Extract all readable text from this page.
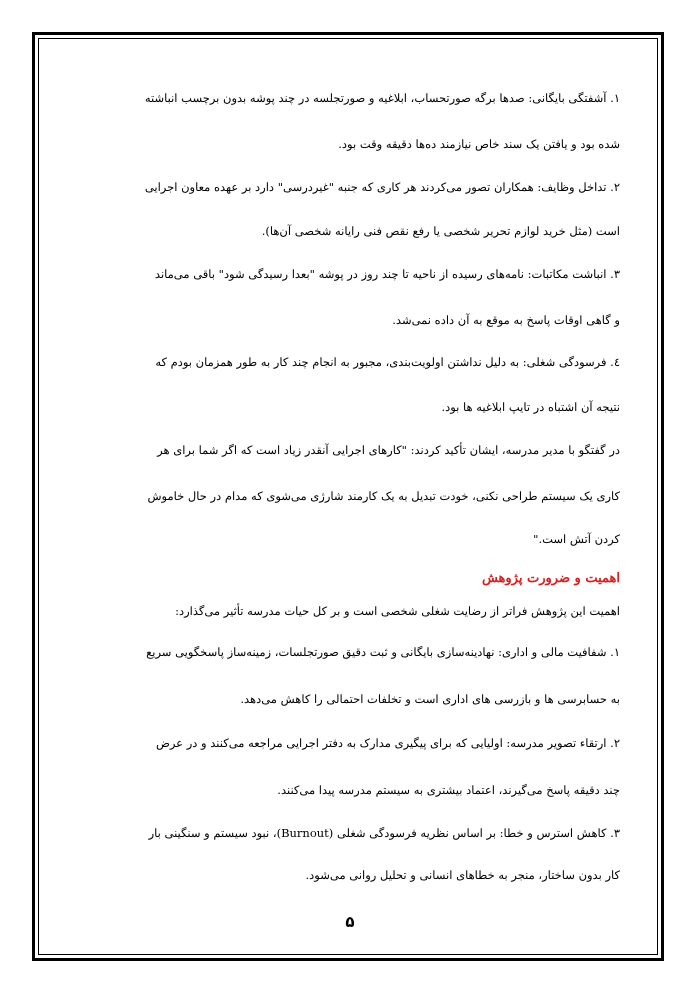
۱. آشفتگی بایگانی: صدها برگه صورتحساب، ابلاغیه و صورتجلسه در چند پوشه بدون برچسب انباشته
شده بود و یافتن یک سند خاص نیازمند ده‌ها دقیقه وقت بود.
۲. تداخل وظایف: همکاران تصور می‌کردند هر کاری که جنبه "غیردرسی" دارد بر عهده معاون اجرایی
است (مثل خرید لوازم تحریر شخصی یا رفع نقص فنی رایانه شخصی آن‌ها).
۳. انباشت مکاتبات: نامه‌های رسیده از ناحیه تا چند روز در پوشه "بعدا رسیدگی شود" باقی می‌ماند
و گاهی اوقات پاسخ به موقع به آن داده نمی‌شد.
٤. فرسودگی شغلی: به دلیل نداشتن اولویت‌بندی، مجبور به انجام چند کار به طور همزمان بودم که
نتیجه آن اشتباه در تایپ ابلاغیه ها بود.
در گفتگو با مدیر مدرسه، ایشان تأکید کردند: "کارهای اجرایی آنقدر زیاد است که اگر شما برای هر
کاری یک سیستم طراحی نکنی، خودت تبدیل به یک کارمند شارژی می‌شوی که مدام در حال خاموش
کردن آتش است."
اهمیت و ضرورت پژوهش
اهمیت این پژوهش فراتر از رضایت شغلی شخصی است و بر کل حیات مدرسه تأثیر می‌گذارد:
۱. شفافیت مالی و اداری: نهادینه‌سازی بایگانی و ثبت دقیق صورتجلسات، زمینه‌ساز پاسخگویی سریع
به حسابرسی ها و بازرسی های اداری است و تخلفات احتمالی را کاهش می‌دهد.
۲. ارتقاء تصویر مدرسه: اولیایی که برای پیگیری مدارک به دفتر اجرایی مراجعه می‌کنند و در عرض
چند دقیقه پاسخ می‌گیرند، اعتماد بیشتری به سیستم مدرسه پیدا می‌کنند.
۳. کاهش استرس و خطا: بر اساس نظریه فرسودگی شغلی (Burnout)، نبود سیستم و سنگینی بار
کار بدون ساختار، منجر به خطاهای انسانی و تحلیل روانی می‌شود.
۵
